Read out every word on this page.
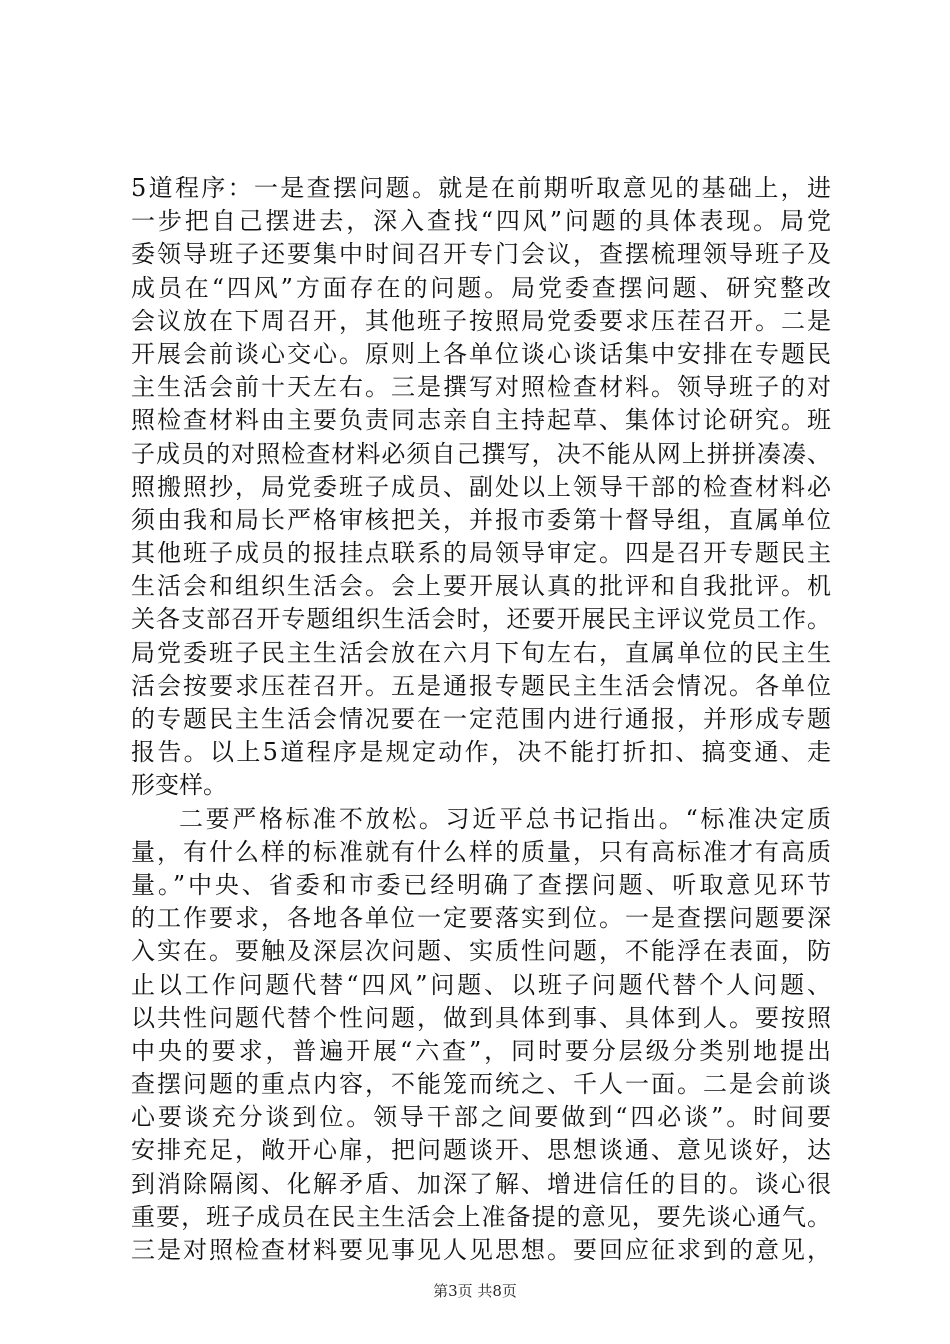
5道程序：一是查摆问题。就是在前期听取意见的基础上，进
一步把自己摆进去，深入查找“四风”问题的具体表现。局党
委领导班子还要集中时间召开专门会议，查摆梳理领导班子及
成员在“四风”方面存在的问题。局党委查摆问题、研究整改
会议放在下周召开，其他班子按照局党委要求压茬召开。二是
开展会前谈心交心。原则上各单位谈心谈话集中安排在专题民
主生活会前十天左右。三是撰写对照检查材料。领导班子的对
照检查材料由主要负责同志亲自主持起草、集体讨论研究。班
子成员的对照检查材料必须自己撰写，决不能从网上拼拼凑凑、
照搬照抄，局党委班子成员、副处以上领导干部的检查材料必
须由我和局长严格审核把关，并报市委第十督导组，直属单位
其他班子成员的报挂点联系的局领导审定。四是召开专题民主
生活会和组织生活会。会上要开展认真的批评和自我批评。机
关各支部召开专题组织生活会时，还要开展民主评议党员工作。
局党委班子民主生活会放在六月下旬左右，直属单位的民主生
活会按要求压茬召开。五是通报专题民主生活会情况。各单位
的专题民主生活会情况要在一定范围内进行通报，并形成专题
报告。以上5道程序是规定动作，决不能打折扣、搞变通、走
形变样。
二要严格标准不放松。习近平总书记指出。“标准决定质
量，有什么样的标准就有什么样的质量，只有高标准才有高质
量。”中央、省委和市委已经明确了查摆问题、听取意见环节
的工作要求，各地各单位一定要落实到位。一是查摆问题要深
入实在。要触及深层次问题、实质性问题，不能浮在表面，防
止以工作问题代替“四风”问题、以班子问题代替个人问题、
以共性问题代替个性问题，做到具体到事、具体到人。要按照
中央的要求，普遍开展“六查”，同时要分层级分类别地提出
查摆问题的重点内容，不能笼而统之、千人一面。二是会前谈
心要谈充分谈到位。领导干部之间要做到“四必谈”。时间要
安排充足，敞开心扉，把问题谈开、思想谈通、意见谈好，达
到消除隔阂、化解矛盾、加深了解、增进信任的目的。谈心很
重要，班子成员在民主生活会上准备提的意见，要先谈心通气。
三是对照检查材料要见事见人见思想。要回应征求到的意见，
第3页 共8页
